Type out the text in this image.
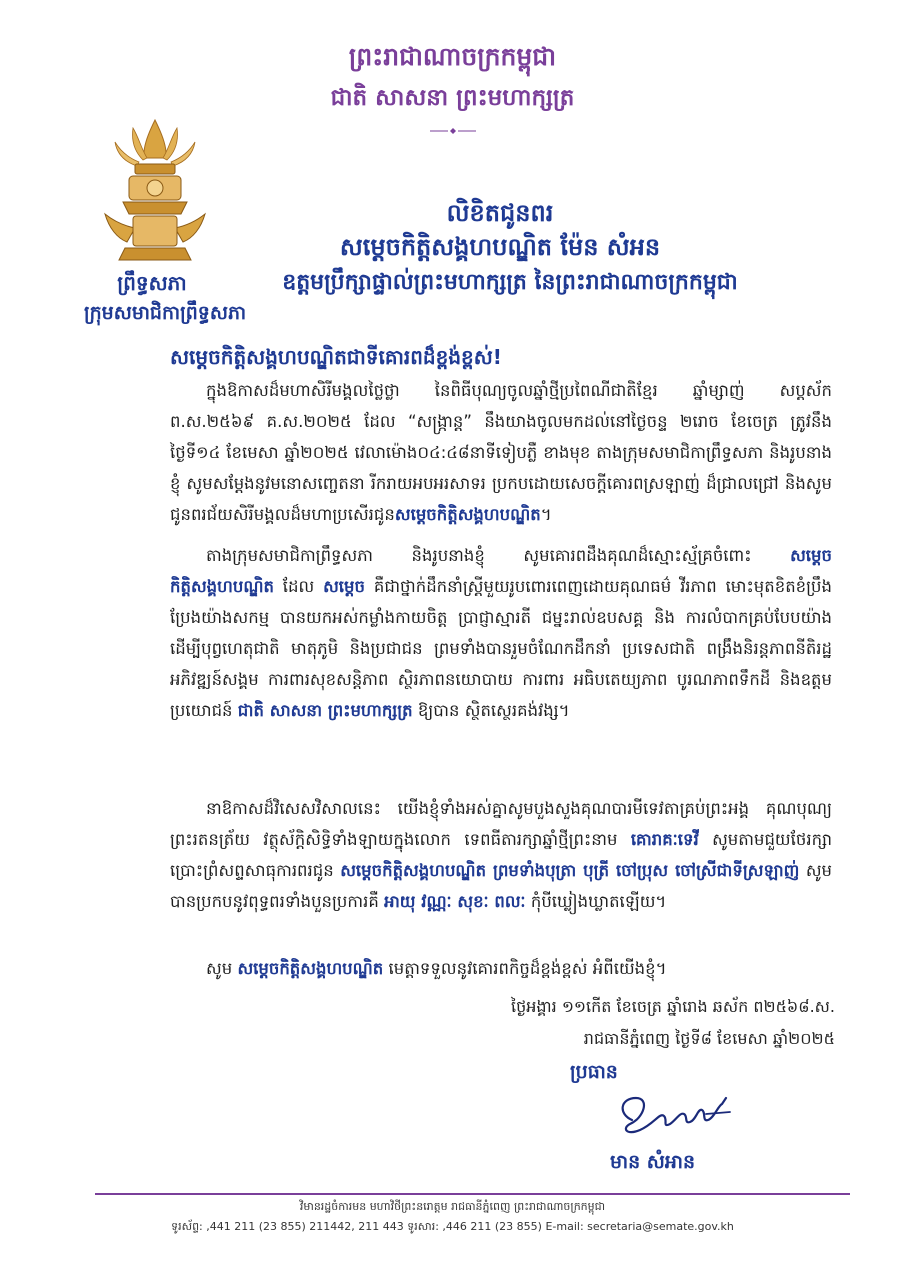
ព្រះរាជាណាចក្រកម្ពុជា
ជាតិ សាសនា ព្រះមហាក្សត្រ
លិខិតជូនពរ
សម្តេចកិត្តិសង្គហបណ្ឌិត ម៉ែន សំអន
ឧត្តមប្រឹក្សាផ្ទាល់ព្រះមហាក្សត្រ នៃព្រះរាជាណាចក្រកម្ពុជា
ព្រឹទ្ធសភា
ក្រុមសមាជិកាព្រឹទ្ធសភា
សម្តេចកិត្តិសង្គហបណ្ឌិតជាទីគោរពដ៏ខ្ពង់ខ្ពស់!
ក្នុងឱកាសដ៏មហាសិរីមង្គលថ្លៃថ្លា នៃពិធីបុណ្យចូលឆ្នាំថ្មីប្រពៃណីជាតិខ្មែរ ឆ្នាំម្សាញ់ សប្តស័ក ព.ស.២៥៦៩ គ.ស.២០២៥ ដែល “សង្រ្កាន្ត” នឹងយាងចូលមកដល់នៅថ្ងៃចន្ទ ២រោច ខែចេត្រ ត្រូវនឹង ថ្ងៃទី១៤ ខែមេសា ឆ្នាំ២០២៥ វេលាម៉ោង០៤:៤៨នាទីទៀបភ្លឺ ខាងមុខ តាងក្រុមសមាជិកាព្រឹទ្ធសភា និងរូបនាងខ្ញុំ សូមសម្តែងនូវមនោសញ្ចេតនា រីករាយអបអរសាទរ ប្រកបដោយសេចក្តីគោរពស្រឡាញ់ ដ៏ជ្រាលជ្រៅ និងសូមជូនពរជ័យសិរីមង្គលដ៏មហាប្រសើរជូនសម្តេចកិត្តិសង្គហបណ្ឌិត។
តាងក្រុមសមាជិកាព្រឹទ្ធសភា និងរូបនាងខ្ញុំ សូមគោរពដឹងគុណដ៏ស្មោះស្ម័គ្រចំពោះ សម្តេចកិត្តិសង្គហបណ្ឌិត ដែល សម្តេច គឺជាថ្នាក់ដឹកនាំស្ត្រីមួយរូបពោរពេញដោយគុណធម៌ វីរភាព មោះមុតខិតខំប្រឹងប្រែងយ៉ាងសកម្ម បានយកអស់កម្លាំងកាយចិត្ត ប្រាជ្ញាស្មារតី ជម្នះរាល់ឧបសគ្គ និង ការលំបាកគ្រប់បែបយ៉ាង ដើម្បីបុព្វហេតុជាតិ មាតុភូមិ និងប្រជាជន ព្រមទាំងបានរួមចំណែកដឹកនាំ ប្រទេសជាតិ ពង្រឹងនិរន្តភាពនីតិរដ្ឋ អភិវឌ្ឍន៍សង្គម ការពារសុខសន្តិភាព ស្ថិរភាពនយោបាយ ការពារ អធិបតេយ្យភាព បូរណភាពទឹកដី និងឧត្តមប្រយោជន៍ ជាតិ សាសនា ព្រះមហាក្សត្រ ឱ្យបាន ស្ថិតស្ថេរគង់វង្ស។
នាឱកាសដ៏វិសេសវិសាលនេះ យើងខ្ញុំទាំងអស់គ្នាសូមបួងសួងគុណបារមីទេវតាគ្រប់ព្រះអង្គ គុណបុណ្យព្រះរតនត្រ័យ វត្ថុស័ក្តិសិទ្ធិទាំងឡាយក្នុងលោក ទេពធីតារក្សាឆ្នាំថ្មីព្រះនាម គោរាគៈទេវី សូមតាមជួយថែរក្សា ប្រោះព្រំសព្ទសាធុការពរជូន សម្តេចកិត្តិសង្គហបណ្ឌិត ព្រមទាំងបុត្រា បុត្រី ចៅប្រុស ចៅស្រីជាទីស្រឡាញ់ សូមបានប្រកបនូវពុទ្ធពរទាំងបួនប្រការគឺ អាយុ វណ្ណៈ សុខៈ ពលៈ កុំបីឃ្លៀងឃ្លាតឡើយ។
សូម សម្តេចកិត្តិសង្គហបណ្ឌិត មេត្តាទទួលនូវគោរពកិច្ចដ៏ខ្ពង់ខ្ពស់ អំពីយើងខ្ញុំ។
ថ្ងៃអង្គារ ១១កើត ខែចេត្រ ឆ្នាំរោង ឆស័ក ព២៥៦៨.ស.
រាជធានីភ្នំពេញ ថ្ងៃទី៨ ខែមេសា ឆ្នាំ២០២៥
ប្រធាន
មាន សំអាន
វិមានរដ្ឋចំការមន មហាវិថីព្រះនរោត្តម រាជធានីភ្នំពេញ ព្រះរាជាណាចក្រកម្ពុជា
ទូរស័ព្ទ: ,441 211 (23 855) 211442, 211 443 ទូរសារ: ,446 211 (23 855) E-mail: secretaria@semate.gov.kh
